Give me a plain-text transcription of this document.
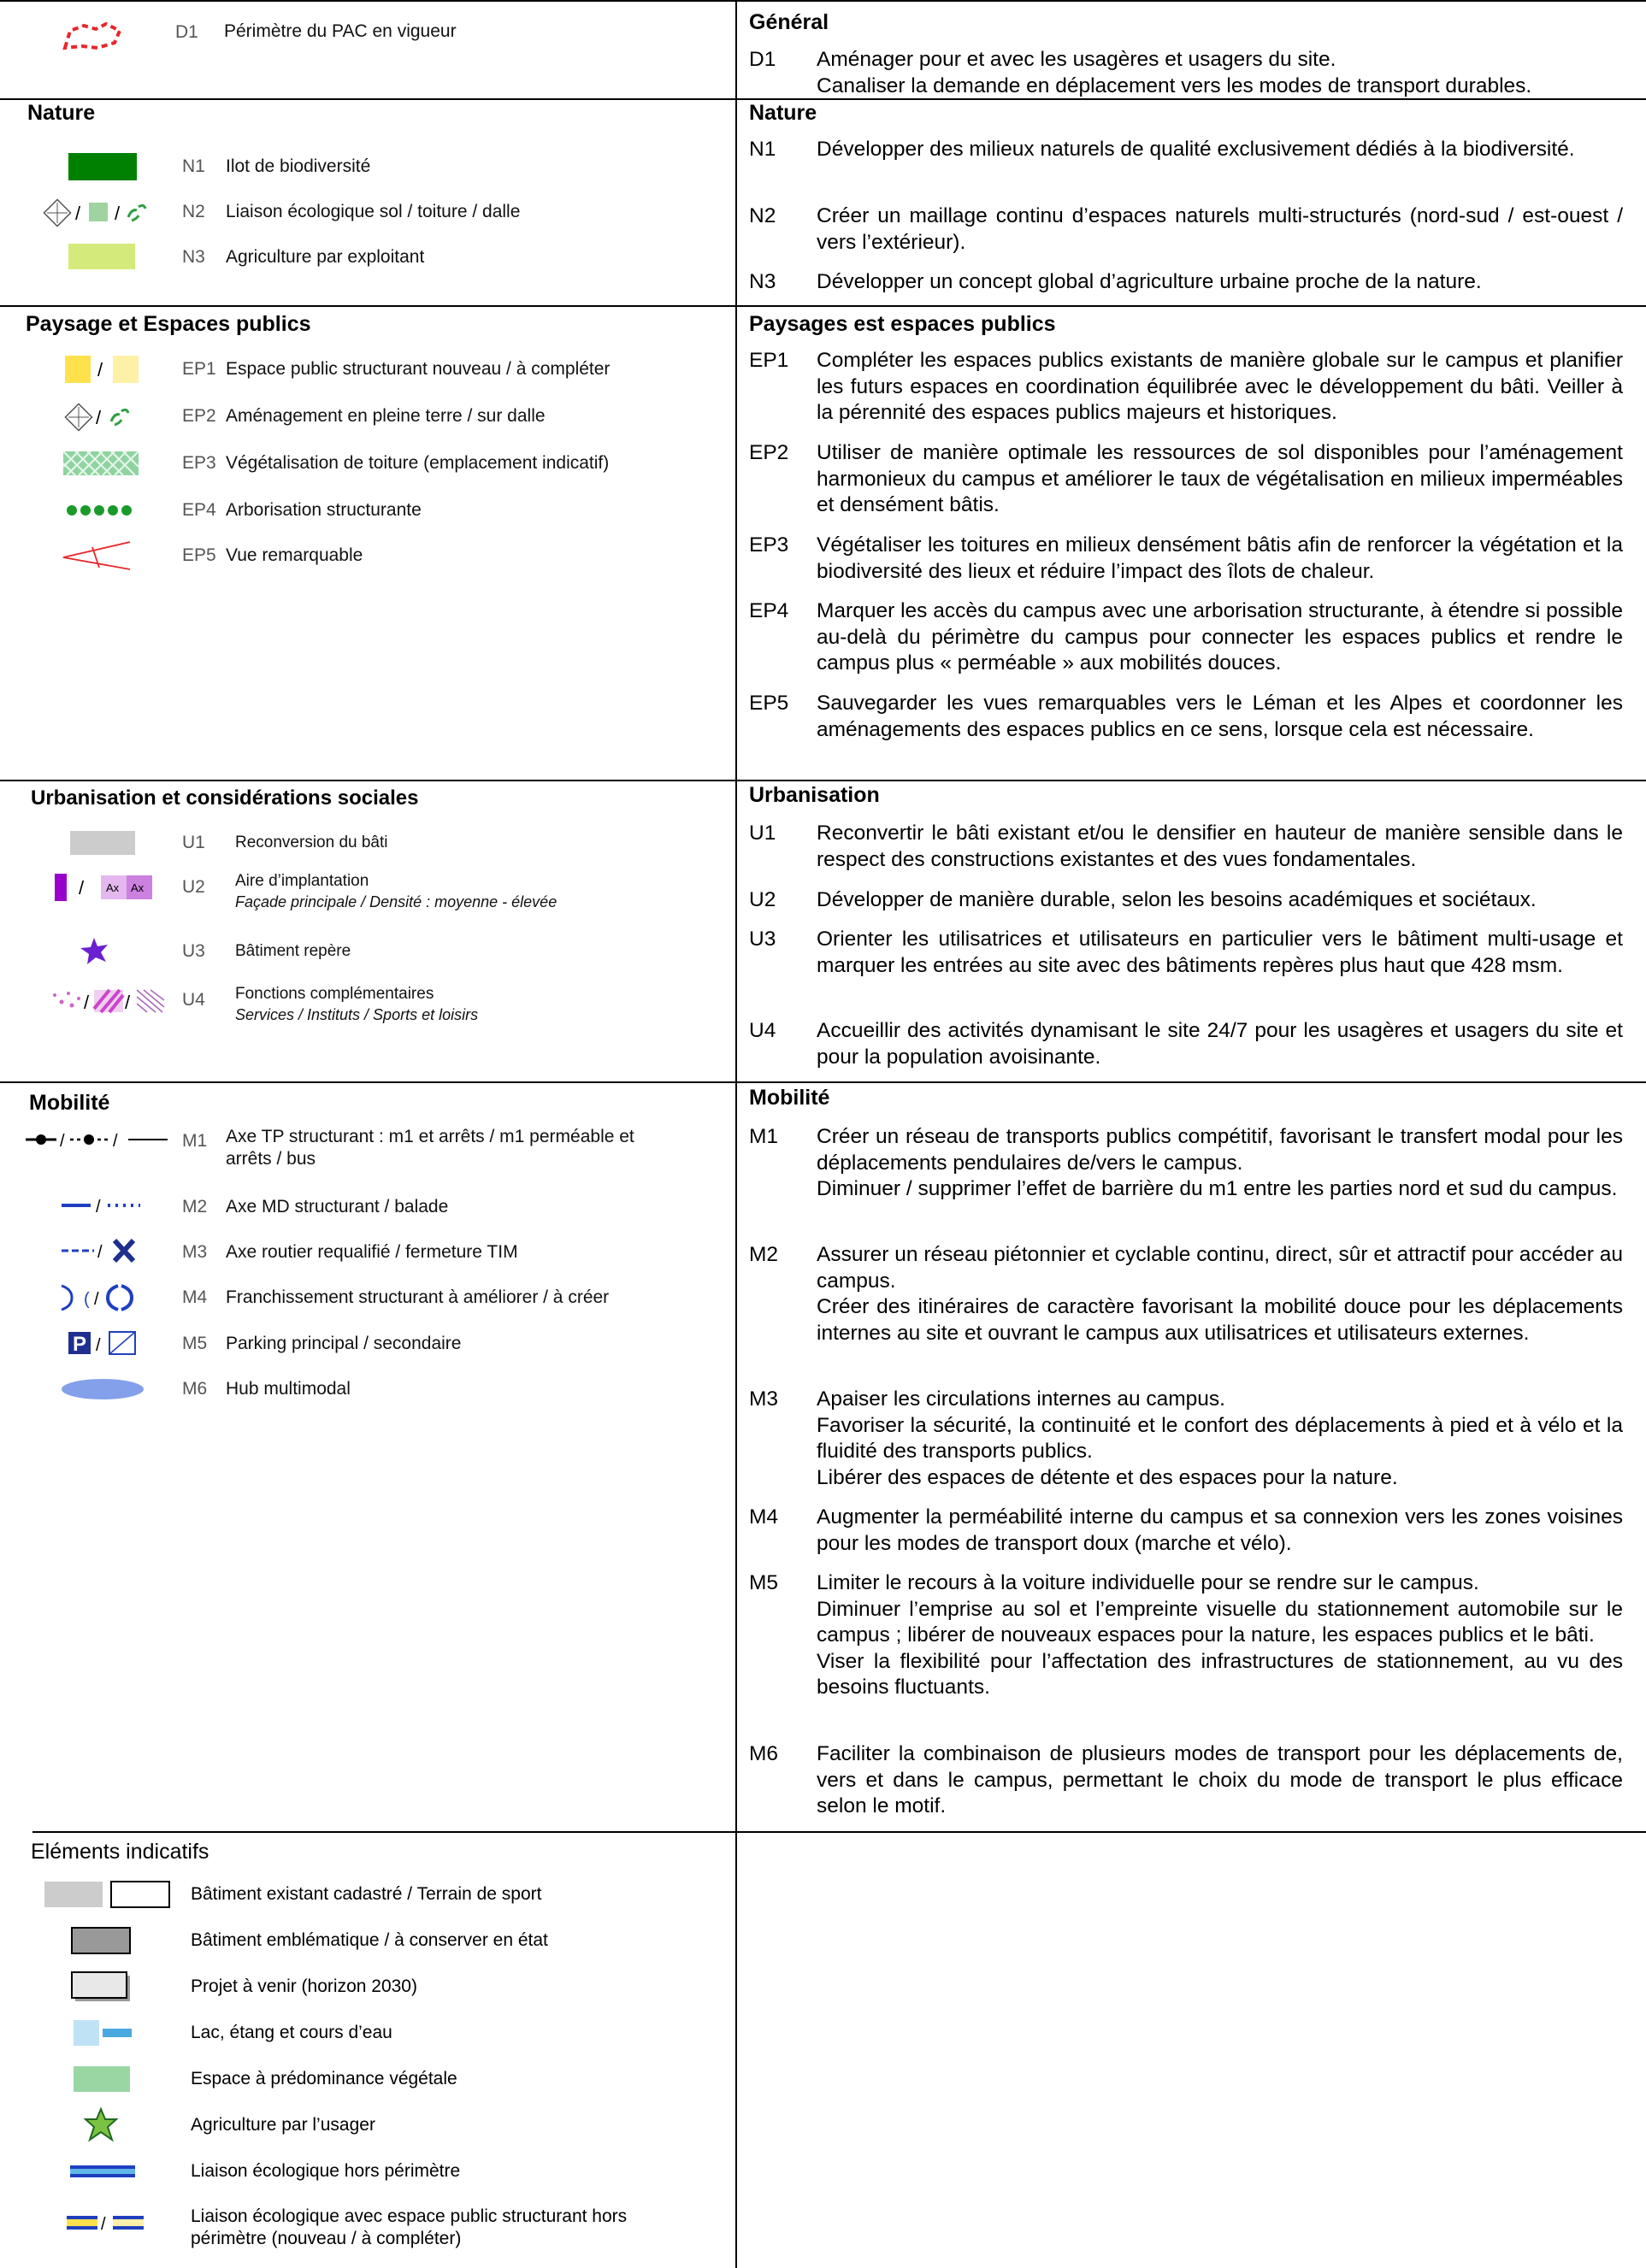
D1 Périmètre du PAC en vigueur	Général
D1	Aménager pour et avec les usagères et usagers du site.
Canaliser la demande en déplacement vers les modes de transport durables.
Nature	Nature
N1 Ilot de biodiversité
/ /	N2 Liaison écologique sol / toiture / dalle
N3 Agriculture par exploitant
N1	Développer des milieux naturels de qualité exclusivement dédiés à la biodiversité.
N2	Créer un maillage continu d’espaces naturels multi-structurés (nord-sud / est-ouest / vers l’extérieur).
N3	Développer un concept global d’agriculture urbaine proche de la nature.
Paysage et Espaces publics	Paysages est espaces publics
/	EP1 Espace public structurant nouveau / à compléter
/	EP2 Aménagement en pleine terre / sur dalle
EP3 Végétalisation de toiture (emplacement indicatif)
EP4 Arborisation structurante
EP5 Vue remarquable
EP1	Compléter les espaces publics existants de manière globale sur le campus et planifier les futurs espaces en coordination équilibrée avec le développement du bâti. Veiller à la pérennité des espaces publics majeurs et historiques.
EP2	Utiliser de manière optimale les ressources de sol disponibles pour l’aménagement harmonieux du campus et améliorer le taux de végétalisation en milieux imperméables et densément bâtis.
EP3	Végétaliser les toitures en milieux densément bâtis afin de renforcer la végétation et la biodiversité des lieux et réduire l’impact des îlots de chaleur.
EP4	Marquer les accès du campus avec une arborisation structurante, à étendre si possible au-delà du périmètre du campus pour connecter les espaces publics et rendre le campus plus « perméable » aux mobilités douces.
EP5	Sauvegarder les vues remarquables vers le Léman et les Alpes et coordonner les aménagements des espaces publics en ce sens, lorsque cela est nécessaire.
Urbanisation et considérations sociales	Urbanisation
U1 Reconversion du bâti
/ Ax Ax U2 Aire d’implantation
Façade principale / Densité : moyenne - élevée
U3 Bâtiment repère
/ /	U4 Fonctions complémentaires
Services / Instituts / Sports et loisirs
U1	Reconvertir le bâti existant et/ou le densifier en hauteur de manière sensible dans le respect des constructions existantes et des vues fondamentales.
U2	Développer de manière durable, selon les besoins académiques et sociétaux.
U3	Orienter les utilisatrices et utilisateurs en particulier vers le bâtiment multi-usage et marquer les entrées au site avec des bâtiments repères plus haut que 428 msm.
U4	Accueillir des activités dynamisant le site 24/7 pour les usagères et usagers du site et pour la population avoisinante.
Mobilité	Mobilité
/	/	M1 Axe TP structurant : m1 et arrêts / m1 perméable et
arrêts / bus
/	M2 Axe MD structurant / balade
/	M3 Axe routier requalifié / fermeture TIM
( /	M4 Franchissement structurant à améliorer / à créer
P /	M5 Parking principal / secondaire
M6 Hub multimodal
M1	Créer un réseau de transports publics compétitif, favorisant le transfert modal pour les déplacements pendulaires de/vers le campus.
Diminuer / supprimer l’effet de barrière du m1 entre les parties nord et sud du campus.
M2	Assurer un réseau piétonnier et cyclable continu, direct, sûr et attractif pour accéder au campus.
Créer des itinéraires de caractère favorisant la mobilité douce pour les déplacements internes au site et ouvrant le campus aux utilisatrices et utilisateurs externes.
M3	Apaiser les circulations internes au campus.
Favoriser la sécurité, la continuité et le confort des déplacements à pied et à vélo et la fluidité des transports publics.
Libérer des espaces de détente et des espaces pour la nature.
M4	Augmenter la perméabilité interne du campus et sa connexion vers les zones voisines pour les modes de transport doux (marche et vélo).
M5	Limiter le recours à la voiture individuelle pour se rendre sur le campus.
Diminuer l’emprise au sol et l’empreinte visuelle du stationnement automobile sur le campus ; libérer de nouveaux espaces pour la nature, les espaces publics et le bâti.
Viser la flexibilité pour l’affectation des infrastructures de stationnement, au vu des besoins fluctuants.
M6	Faciliter la combinaison de plusieurs modes de transport pour les déplacements de, vers et dans le campus, permettant le choix du mode de transport le plus efficace selon le motif.
Eléments indicatifs
Bâtiment existant cadastré / Terrain de sport
Bâtiment emblématique / à conserver en état
Projet à venir (horizon 2030)
Lac, étang et cours d’eau
Espace à prédominance végétale
Agriculture par l’usager
Liaison écologique hors périmètre
/	Liaison écologique avec espace public structurant hors
périmètre (nouveau / à compléter)
